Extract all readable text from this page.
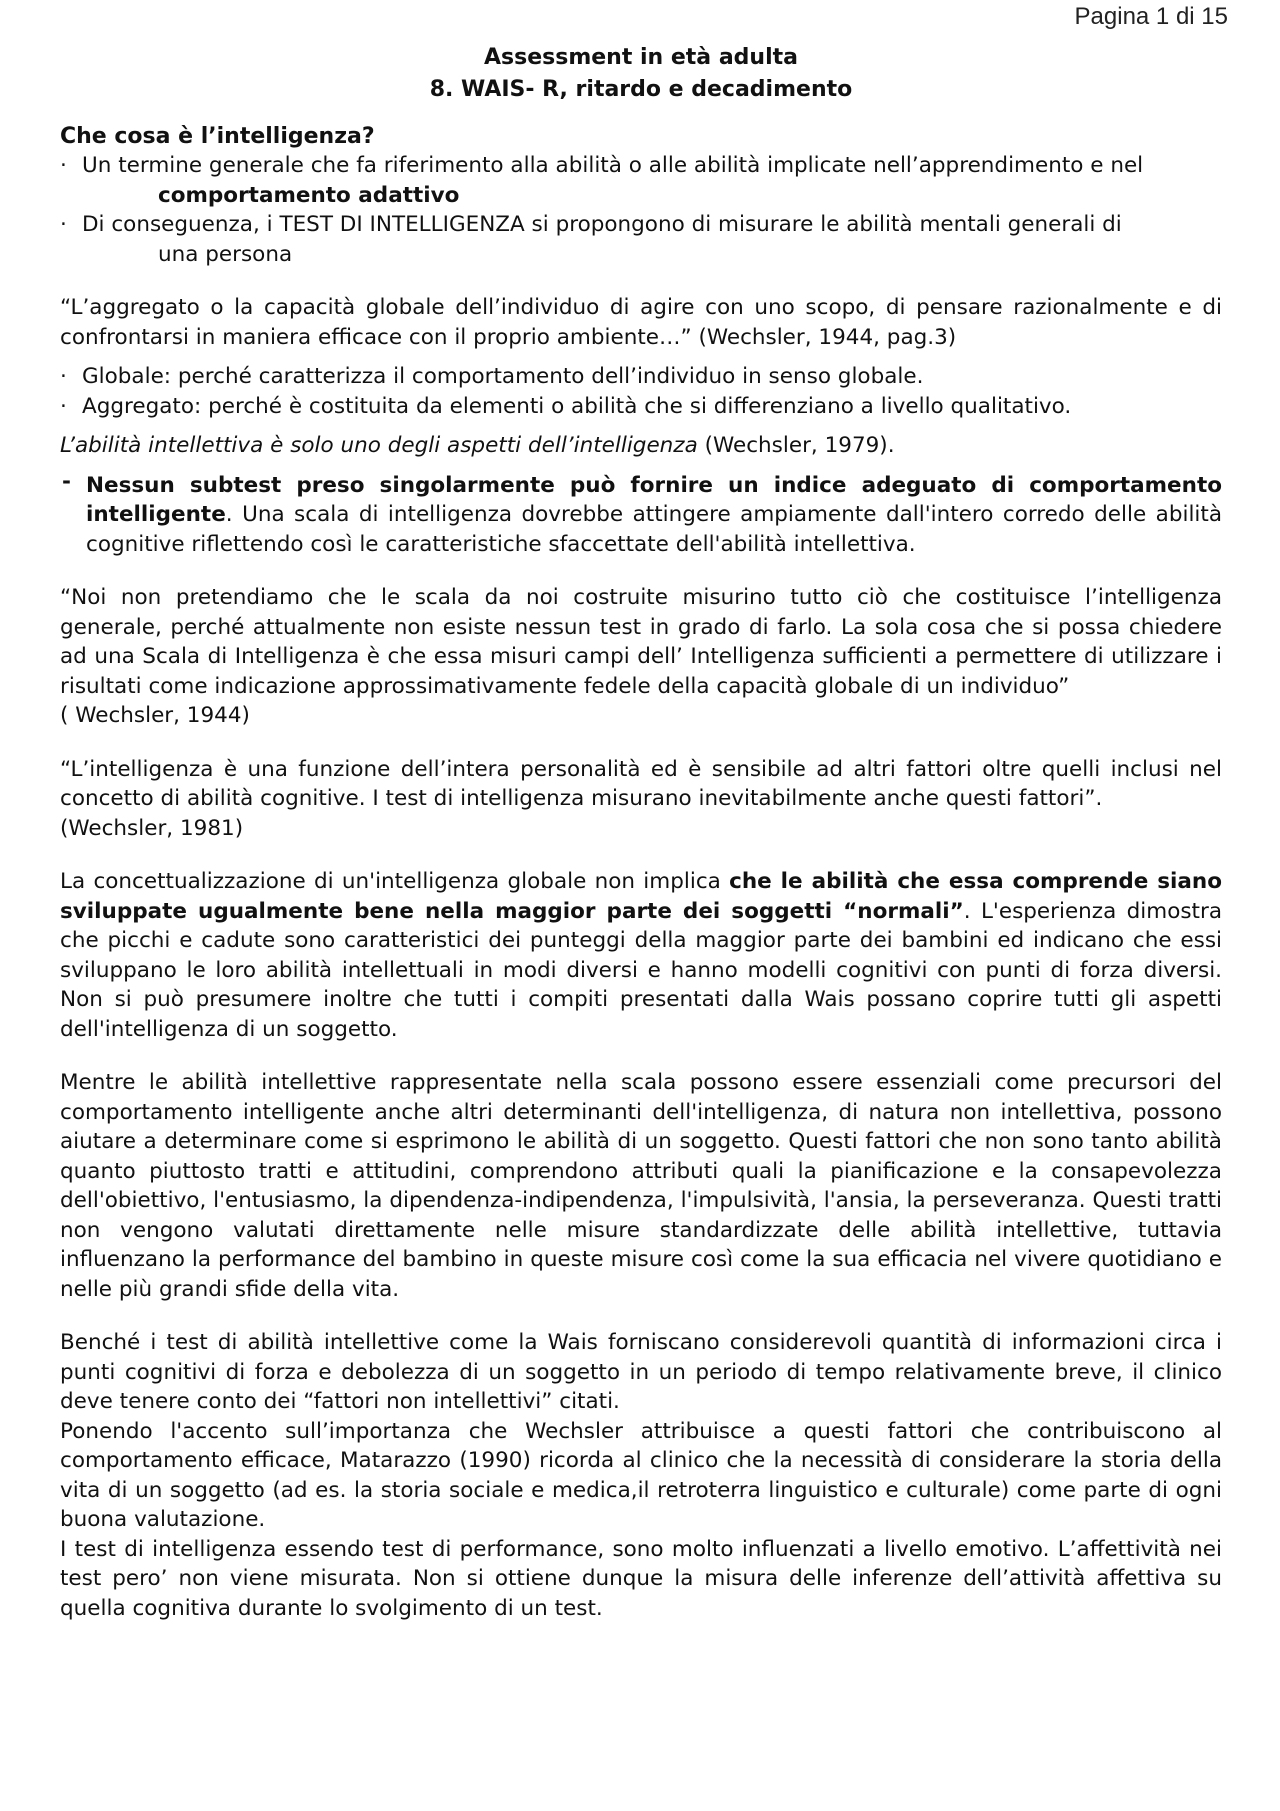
Pagina 1 di 15
Assessment in età adulta
8. WAIS- R, ritardo e decadimento

Che cosa è l’intelligenza?

· Un termine generale che fa riferimento alla abilità o alle abilità implicate nell’apprendimento e nel
comportamento adattivo
· Di conseguenza, i TEST DI INTELLIGENZA si propongono di misurare le abilità mentali generali di
una persona

“L’aggregato o la capacità globale dell’individuo di agire con uno scopo, di pensare razionalmente e di confrontarsi in maniera efficace con il proprio ambiente…” (Wechsler, 1944, pag.3)

· Globale: perché caratterizza il comportamento dell’individuo in senso globale.
· Aggregato: perché è costituita da elementi o abilità che si differenziano a livello qualitativo.

L’abilità intellettiva è solo uno degli aspetti dell’intelligenza (Wechsler, 1979).

- Nessun subtest preso singolarmente può fornire un indice adeguato di comportamento intelligente. Una scala di intelligenza dovrebbe attingere ampiamente dall'intero corredo delle abilità cognitive riflettendo così le caratteristiche sfaccettate dell'abilità intellettiva.

“Noi non pretendiamo che le scala da noi costruite misurino tutto ciò che costituisce l’intelligenza generale, perché attualmente non esiste nessun test in grado di farlo. La sola cosa che si possa chiedere ad una Scala di Intelligenza è che essa misuri campi dell’ Intelligenza sufficienti a permettere di utilizzare i risultati come indicazione approssimativamente fedele della capacità globale di un individuo”

( Wechsler, 1944)

“L’intelligenza è una funzione dell’intera personalità ed è sensibile ad altri fattori oltre quelli inclusi nel concetto di abilità cognitive. I test di intelligenza misurano inevitabilmente anche questi fattori”.

(Wechsler, 1981)

La concettualizzazione di un'intelligenza globale non implica che le abilità che essa comprende siano sviluppate ugualmente bene nella maggior parte dei soggetti “normali”. L'esperienza dimostra che picchi e cadute sono caratteristici dei punteggi della maggior parte dei bambini ed indicano che essi sviluppano le loro abilità intellettuali in modi diversi e hanno modelli cognitivi con punti di forza diversi. Non si può presumere inoltre che tutti i compiti presentati dalla Wais possano coprire tutti gli aspetti dell'intelligenza di un soggetto.

Mentre le abilità intellettive rappresentate nella scala possono essere essenziali come precursori del comportamento intelligente anche altri determinanti dell'intelligenza, di natura non intellettiva, possono aiutare a determinare come si esprimono le abilità di un soggetto. Questi fattori che non sono tanto abilità quanto piuttosto tratti e attitudini, comprendono attributi quali la pianificazione e la consapevolezza dell'obiettivo, l'entusiasmo, la dipendenza-indipendenza, l'impulsività, l'ansia, la perseveranza. Questi tratti non vengono valutati direttamente nelle misure standardizzate delle abilità intellettive, tuttavia influenzano la performance del bambino in queste misure così come la sua efficacia nel vivere quotidiano e nelle più grandi sfide della vita.

Benché i test di abilità intellettive come la Wais forniscano considerevoli quantità di informazioni circa i punti cognitivi di forza e debolezza di un soggetto in un periodo di tempo relativamente breve, il clinico deve tenere conto dei “fattori non intellettivi” citati.

Ponendo l'accento sull’importanza che Wechsler attribuisce a questi fattori che contribuiscono al comportamento efficace, Matarazzo (1990) ricorda al clinico che la necessità di considerare la storia della vita di un soggetto (ad es. la storia sociale e medica,il retroterra linguistico e culturale) come parte di ogni buona valutazione.

I test di intelligenza essendo test di performance, sono molto influenzati a livello emotivo. L’affettività nei test pero’ non viene misurata. Non si ottiene dunque la misura delle inferenze dell’attività affettiva su quella cognitiva durante lo svolgimento di un test.
